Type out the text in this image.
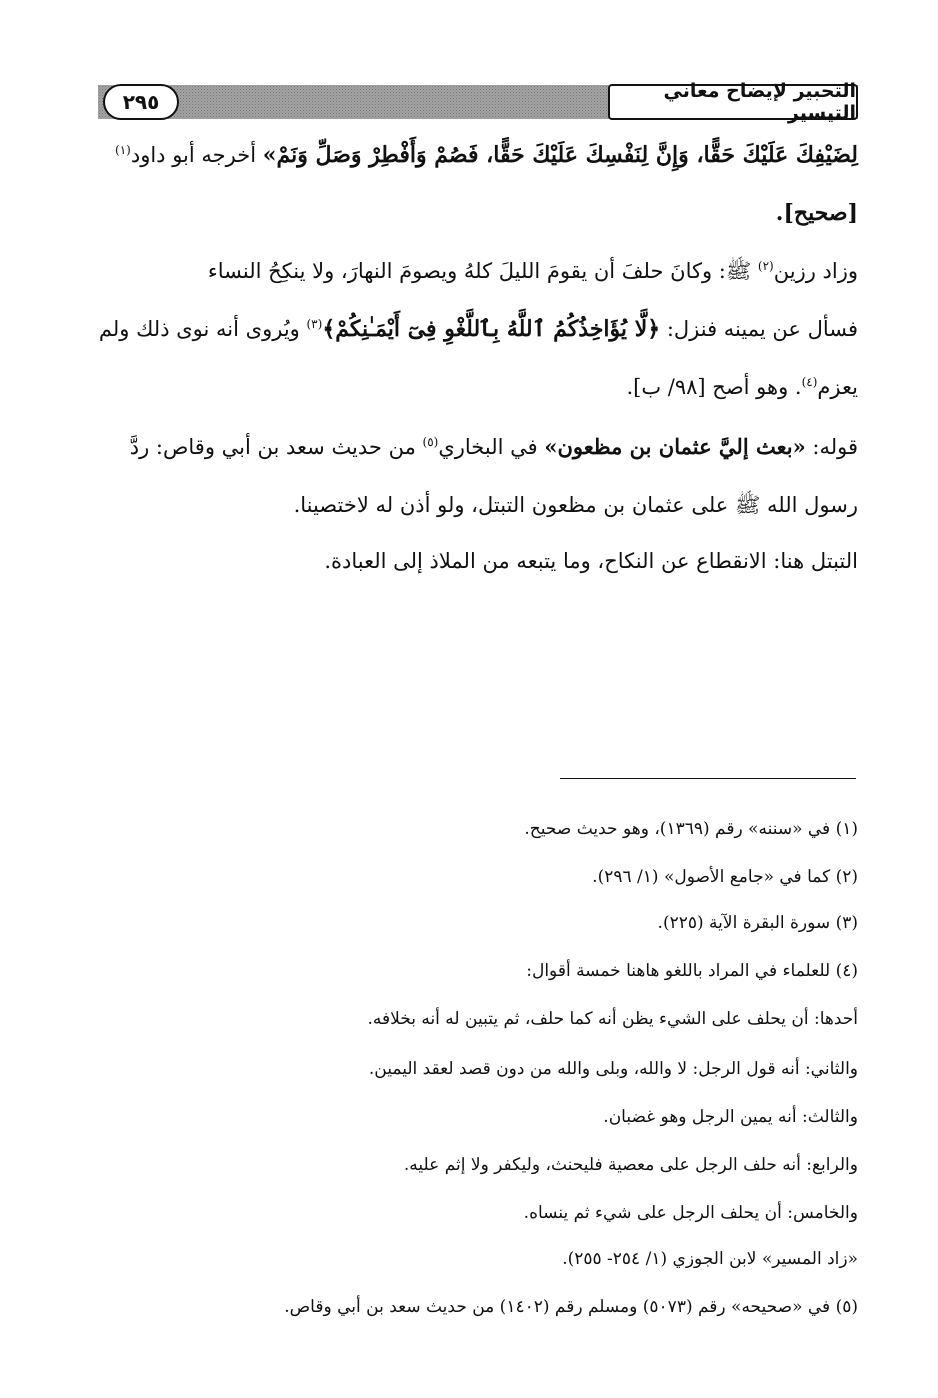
التحبير لإيضاح معاني التيسير
٢٩٥
لِضَيْفِكَ عَلَيْكَ حَقًّا، وَإِنَّ لِنَفْسِكَ عَلَيْكَ حَقًّا، فَصُمْ وَأَفْطِرْ وَصَلِّ وَنَمْ» أخرجه أبو داود$^{(١)}$
[صحيح].
وزاد رزين$^{(٢)}$ ﷺ: وكانَ حلفَ أن يقومَ الليلَ كلهُ ويصومَ النهارَ، ولا ينكِحُ النساء
فسأل عن يمينه فنزل: ﴿لَّا يُؤَاخِذُكُمُ ٱللَّهُ بِٱللَّغْوِ فِىٓ أَيْمَـٰنِكُمْ﴾$^{(٣)}$ ويُروى أنه نوى ذلك ولم
يعزم$^{(٤)}$. وهو أصح [٩٨/ ب].
قوله: «بعث إليَّ عثمان بن مظعون» في البخاري$^{(٥)}$ من حديث سعد بن أبي وقاص: ردَّ
رسول الله ﷺ على عثمان بن مظعون التبتل، ولو أذن له لاختصينا.
التبتل هنا: الانقطاع عن النكاح، وما يتبعه من الملاذ إلى العبادة.
(١) في «سننه» رقم (١٣٦٩)، وهو حديث صحيح.
(٢) كما في «جامع الأصول» (١/ ٢٩٦).
(٣) سورة البقرة الآية (٢٢٥).
(٤) للعلماء في المراد باللغو هاهنا خمسة أقوال:
أحدها: أن يحلف على الشيء يظن أنه كما حلف، ثم يتبين له أنه بخلافه.
والثاني: أنه قول الرجل: لا والله، وبلى والله من دون قصد لعقد اليمين.
والثالث: أنه يمين الرجل وهو غضبان.
والرابع: أنه حلف الرجل على معصية فليحنث، وليكفر ولا إثم عليه.
والخامس: أن يحلف الرجل على شيء ثم ينساه.
«زاد المسير» لابن الجوزي (١/ ٢٥٤- ٢٥٥).
(٥) في «صحيحه» رقم (٥٠٧٣) ومسلم رقم (١٤٠٢) من حديث سعد بن أبي وقاص.
